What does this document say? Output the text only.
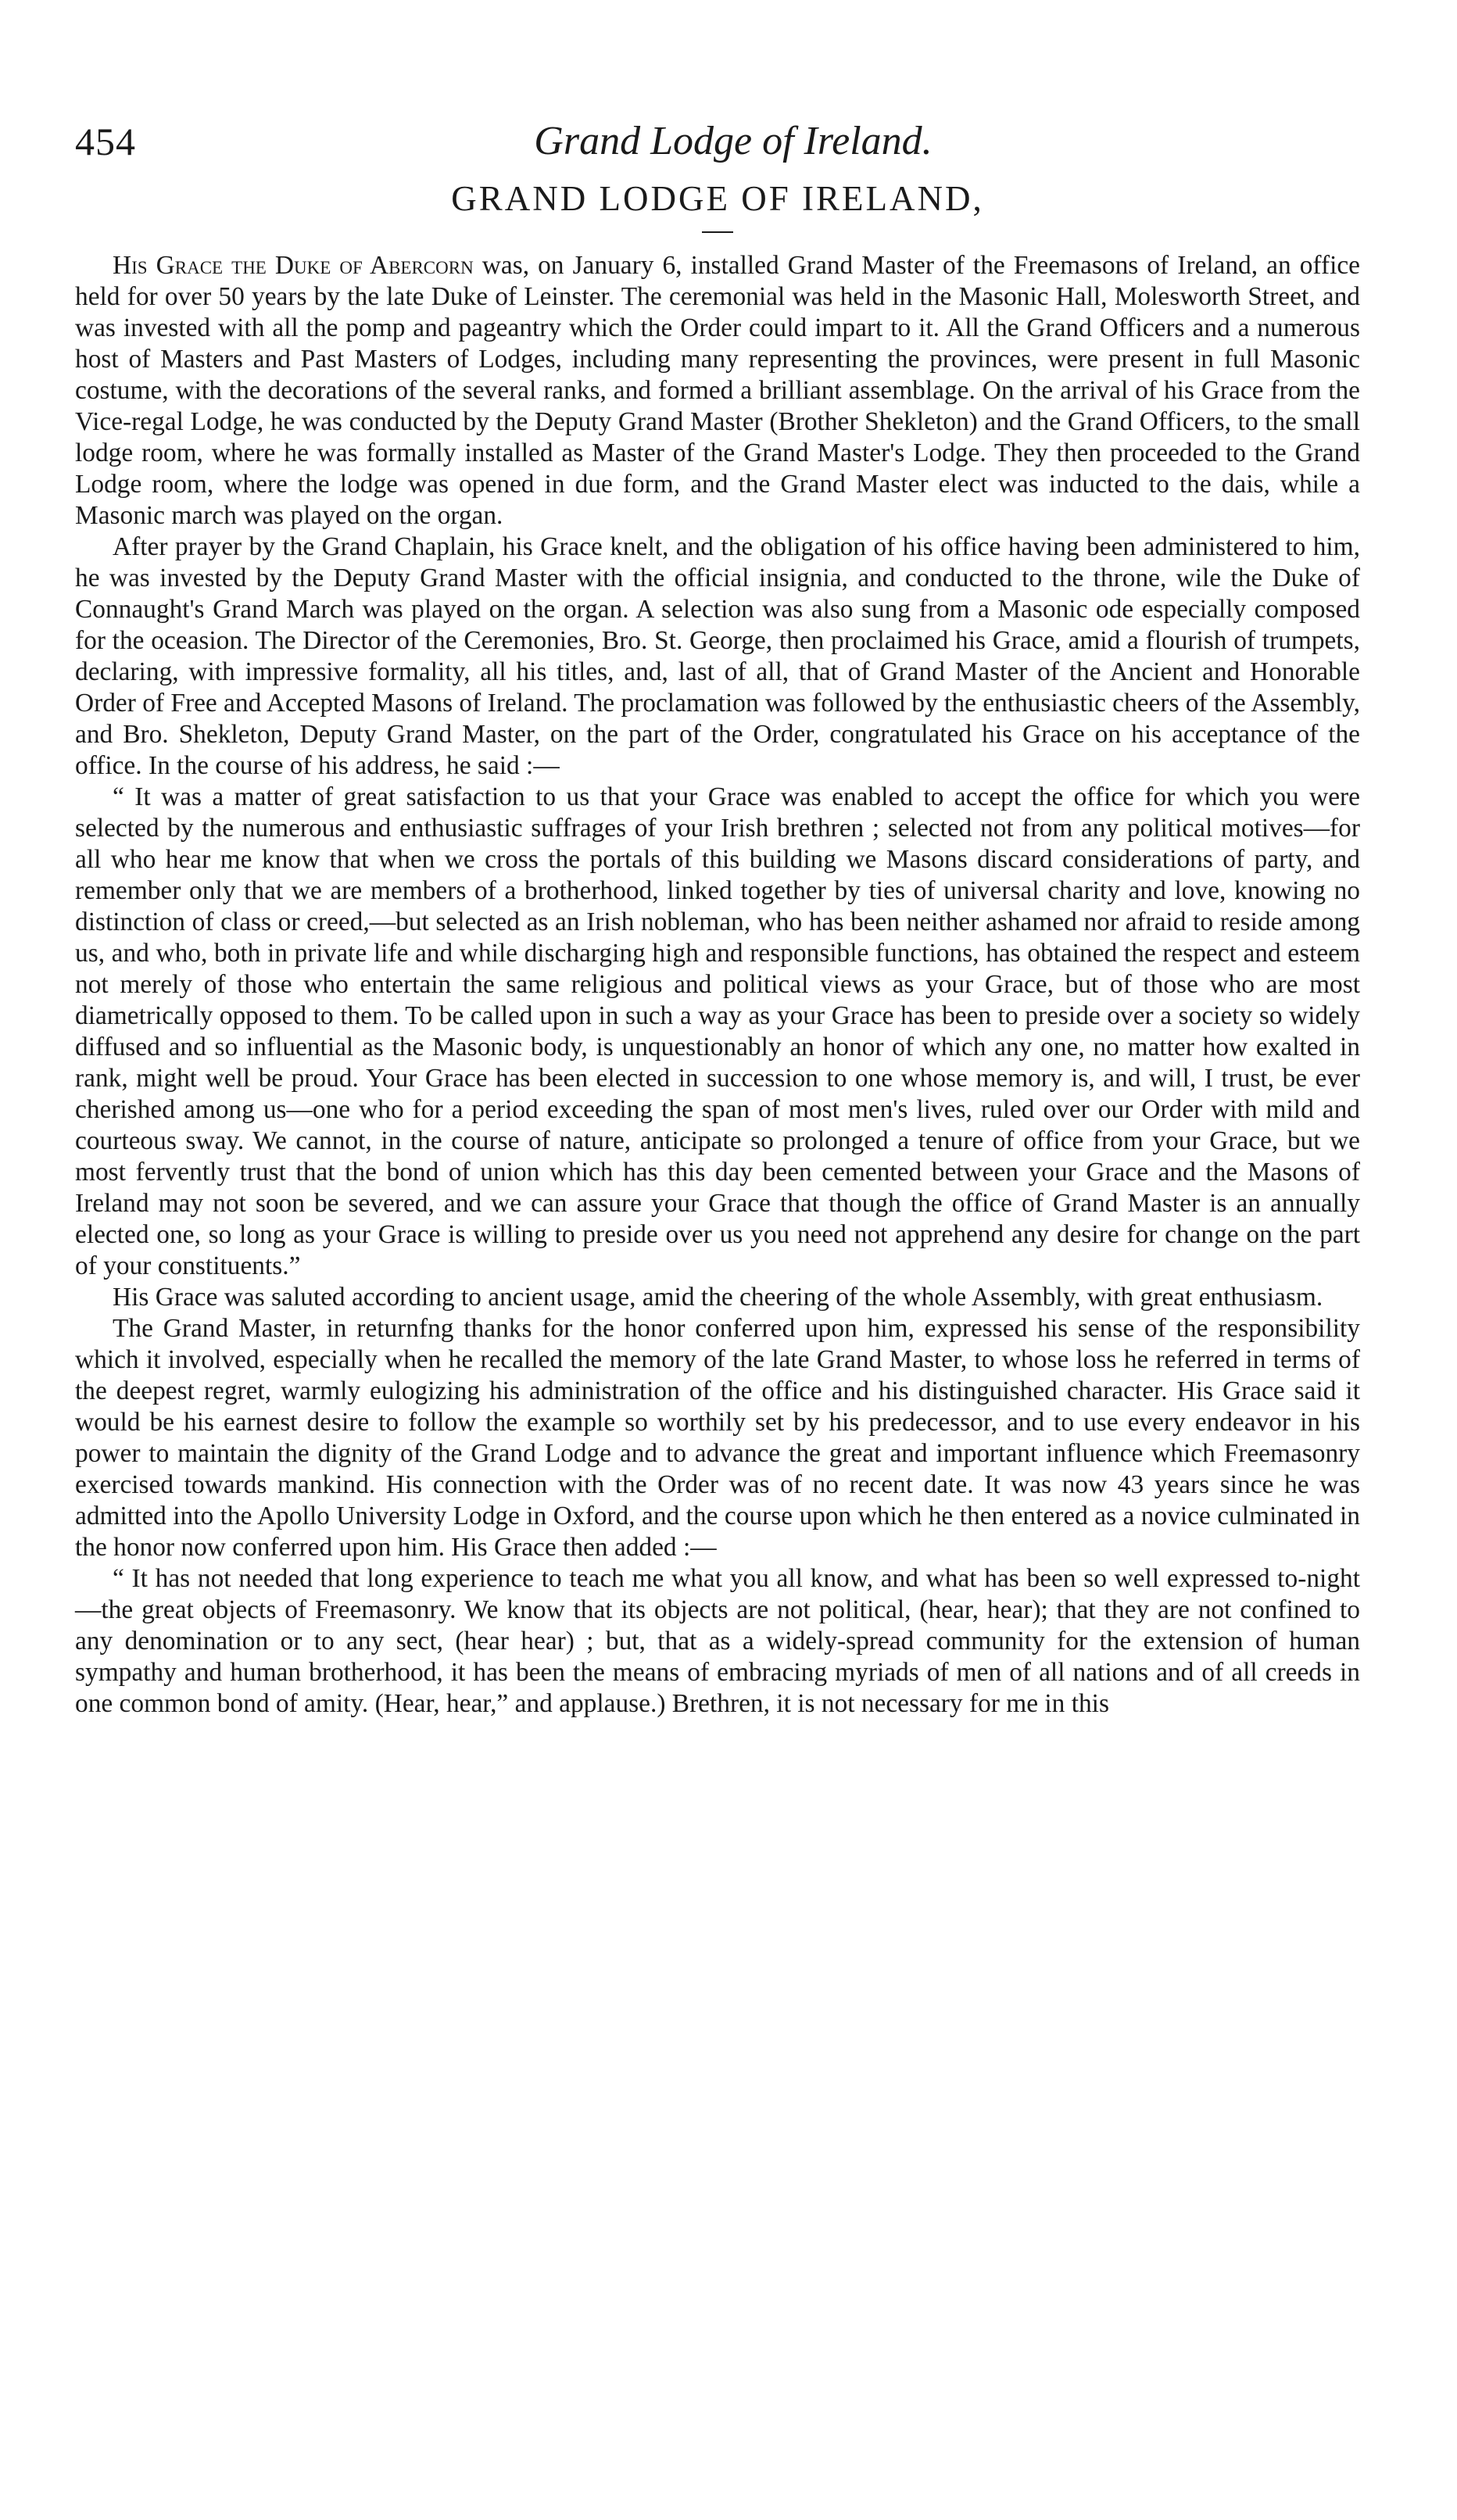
454	Grand Lodge of Ireland.
GRAND LODGE OF IRELAND,

His Grace the Duke of Abercorn was, on January 6, installed Grand Master of the Freemasons of Ireland, an office held for over 50 years by the late Duke of Leinster. The ceremonial was held in the Masonic Hall, Molesworth Street, and was invested with all the pomp and pageantry which the Order could impart to it. All the Grand Officers and a numerous host of Masters and Past Masters of Lodges, including many representing the provinces, were present in full Masonic costume, with the decorations of the several ranks, and formed a brilliant assemblage. On the arrival of his Grace from the Vice-regal Lodge, he was conducted by the Deputy Grand Master (Brother Shekleton) and the Grand Officers, to the small lodge room, where he was formally installed as Master of the Grand Master's Lodge. They then proceeded to the Grand Lodge room, where the lodge was opened in due form, and the Grand Master elect was inducted to the dais, while a Masonic march was played on the organ.

After prayer by the Grand Chaplain, his Grace knelt, and the obligation of his office having been administered to him, he was invested by the Deputy Grand Master with the official insignia, and conducted to the throne, wile the Duke of Connaught's Grand March was played on the organ. A selection was also sung from a Masonic ode especially composed for the oceasion. The Director of the Ceremonies, Bro. St. George, then proclaimed his Grace, amid a flourish of trumpets, declaring, with impressive formality, all his titles, and, last of all, that of Grand Master of the Ancient and Honorable Order of Free and Accepted Masons of Ireland. The proclamation was followed by the enthusiastic cheers of the Assembly, and Bro. Shekleton, Deputy Grand Master, on the part of the Order, congratulated his Grace on his acceptance of the office. In the course of his address, he said :—

“ It was a matter of great satisfaction to us that your Grace was enabled to accept the office for which you were selected by the numerous and enthusiastic suffrages of your Irish brethren ; selected not from any political motives—for all who hear me know that when we cross the portals of this building we Masons discard considerations of party, and remember only that we are members of a brotherhood, linked together by ties of universal charity and love, knowing no distinction of class or creed,—but selected as an Irish nobleman, who has been neither ashamed nor afraid to reside among us, and who, both in private life and while discharging high and responsible functions, has obtained the respect and esteem not merely of those who entertain the same religious and political views as your Grace, but of those who are most diametrically opposed to them. To be called upon in such a way as your Grace has been to preside over a society so widely diffused and so influential as the Masonic body, is unquestionably an honor of which any one, no matter how exalted in rank, might well be proud. Your Grace has been elected in succession to one whose memory is, and will, I trust, be ever cherished among us—one who for a period exceeding the span of most men's lives, ruled over our Order with mild and courteous sway. We cannot, in the course of nature, anticipate so prolonged a tenure of office from your Grace, but we most fervently trust that the bond of union which has this day been cemented between your Grace and the Masons of Ireland may not soon be severed, and we can assure your Grace that though the office of Grand Master is an annually elected one, so long as your Grace is willing to preside over us you need not apprehend any desire for change on the part of your constituents.”

His Grace was saluted according to ancient usage, amid the cheering of the whole Assembly, with great enthusiasm.

The Grand Master, in returnfng thanks for the honor conferred upon him, expressed his sense of the responsibility which it involved, especially when he recalled the memory of the late Grand Master, to whose loss he referred in terms of the deepest regret, warmly eulogizing his administration of the office and his distinguished character. His Grace said it would be his earnest desire to follow the example so worthily set by his predecessor, and to use every endeavor in his power to maintain the dignity of the Grand Lodge and to advance the great and important influence which Freemasonry exercised towards mankind. His connection with the Order was of no recent date. It was now 43 years since he was admitted into the Apollo University Lodge in Oxford, and the course upon which he then entered as a novice culminated in the honor now conferred upon him. His Grace then added :—

“ It has not needed that long experience to teach me what you all know, and what has been so well expressed to-night—the great objects of Freemasonry. We know that its objects are not political, (hear, hear); that they are not confined to any denomination or to any sect, (hear hear) ; but, that as a widely-spread community for the extension of human sympathy and human brotherhood, it has been the means of embracing myriads of men of all nations and of all creeds in one common bond of amity. (Hear, hear,” and applause.) Brethren, it is not necessary for me in this
